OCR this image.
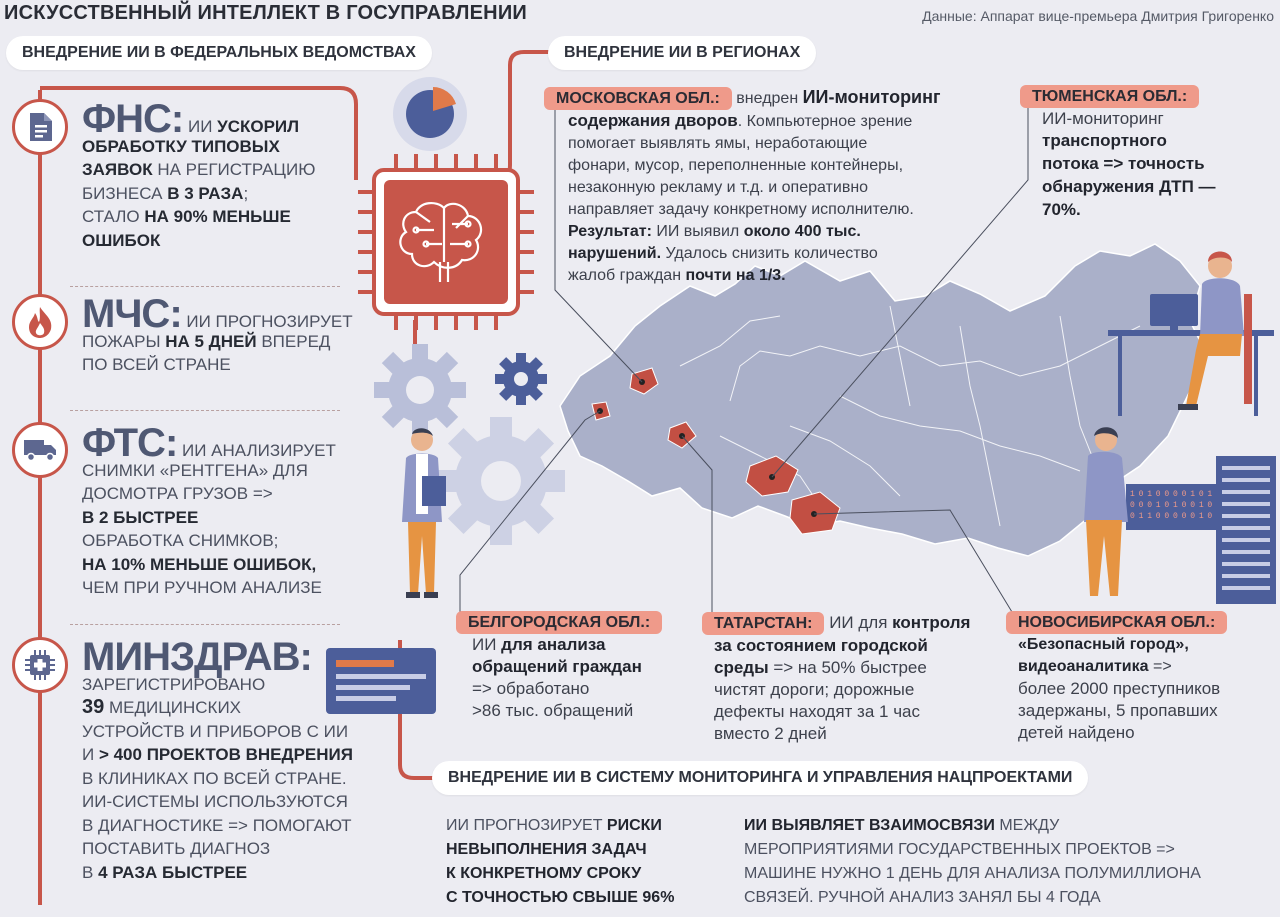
ИСКУССТВЕННЫЙ ИНТЕЛЛЕКТ В ГОСУПРАВЛЕНИИ	Данные: Аппарат вице-премьера Дмитрия Григоренко
ВНЕДРЕНИЕ ИИ В ФЕДЕРАЛЬНЫХ ВЕДОМСТВАХ	ВНЕДРЕНИЕ ИИ В РЕГИОНАХ
ВНЕДРЕНИЕ ИИ В СИСТЕМУ МОНИТОРИНГА И УПРАВЛЕНИЯ НАЦПРОЕКТАМИ
ФНС: ИИ УСКОРИЛ
ОБРАБОТКУ ТИПОВЫХ
ЗАЯВОК НА РЕГИСТРАЦИЮ
БИЗНЕСА В 3 РАЗА;
СТАЛО НА 90% МЕНЬШЕ
ОШИБОК
МЧС: ИИ ПРОГНОЗИРУЕТ
ПОЖАРЫ НА 5 ДНЕЙ ВПЕРЕД
ПО ВСЕЙ СТРАНЕ
ФТС: ИИ АНАЛИЗИРУЕТ
СНИМКИ «РЕНТГЕНА» ДЛЯ
ДОСМОТРА ГРУЗОВ =>
В 2 БЫСТРЕЕ
ОБРАБОТКА СНИМКОВ;
НА 10% МЕНЬШЕ ОШИБОК,
ЧЕМ ПРИ РУЧНОМ АНАЛИЗЕ
МИНЗДРАВ:
ЗАРЕГИСТРИРОВАНО
39 МЕДИЦИНСКИХ
УСТРОЙСТВ И ПРИБОРОВ С ИИ
И > 400 ПРОЕКТОВ ВНЕДРЕНИЯ
В КЛИНИКАХ ПО ВСЕЙ СТРАНЕ.
ИИ-СИСТЕМЫ ИСПОЛЬЗУЮТСЯ
В ДИАГНОСТИКЕ => ПОМОГАЮТ
ПОСТАВИТЬ ДИАГНОЗ
В 4 РАЗА БЫСТРЕЕ
1 0 1 0 0 0 0 1 0 1
0 0 0 1 0 1 0 0 1 0
0 1 1 0 0 0 0 0 1 0
МОСКОВСКАЯ ОБЛ.: внедрен ИИ-мониторинг
содержания дворов. Компьютерное зрение
помогает выявлять ямы, неработающие
фонари, мусор, переполненные контейнеры,
незаконную рекламу и т.д. и оперативно
направляет задачу конкретному исполнителю.
Результат: ИИ выявил около 400 тыс.
нарушений. Удалось снизить количество
жалоб граждан почти на 1/3.
ТЮМЕНСКАЯ ОБЛ.:
ИИ-мониторинг
транспортного
потока => точность
обнаружения ДТП —
70%.
БЕЛГОРОДСКАЯ ОБЛ.:
ИИ для анализа
обращений граждан
=> обработано
>86 тыс. обращений
ТАТАРСТАН: ИИ для контроля
за состоянием городской
среды => на 50% быстрее
чистят дороги; дорожные
дефекты находят за 1 час
вместо 2 дней
НОВОСИБИРСКАЯ ОБЛ.:
«Безопасный город»,
видеоаналитика =>
более 2000 преступников
задержаны, 5 пропавших
детей найдено
ИИ ПРОГНОЗИРУЕТ РИСКИ
НЕВЫПОЛНЕНИЯ ЗАДАЧ
К КОНКРЕТНОМУ СРОКУ
С ТОЧНОСТЬЮ СВЫШЕ 96%
ИИ ВЫЯВЛЯЕТ ВЗАИМОСВЯЗИ МЕЖДУ
МЕРОПРИЯТИЯМИ ГОСУДАРСТВЕННЫХ ПРОЕКТОВ =>
МАШИНЕ НУЖНО 1 ДЕНЬ ДЛЯ АНАЛИЗА ПОЛУМИЛЛИОНА
СВЯЗЕЙ. РУЧНОЙ АНАЛИЗ ЗАНЯЛ БЫ 4 ГОДА
